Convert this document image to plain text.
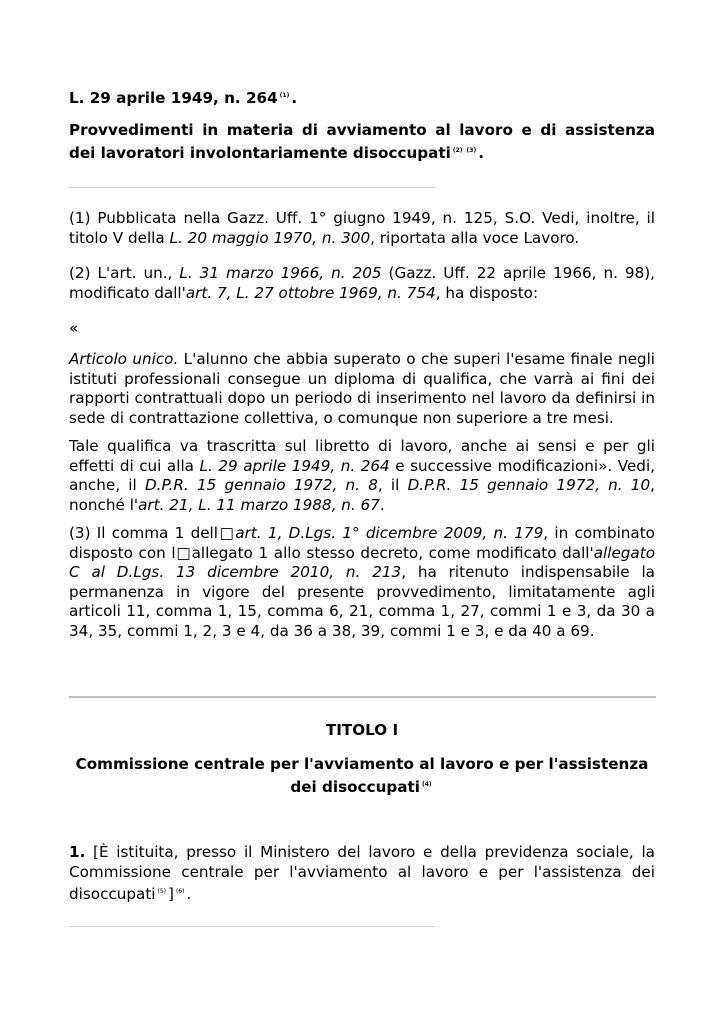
L. 29 aprile 1949, n. 264 $^{(1)}$ .
Provvedimenti in materia di avviamento al lavoro e di assistenza dei lavoratori involontariamente disoccupati $^{(2)}$ $^{(3)}$ .
(1) Pubblicata nella Gazz. Uff. 1° giugno 1949, n. 125, S.O. Vedi, inoltre, il titolo V della L. 20 maggio 1970, n. 300, riportata alla voce Lavoro.
(2) L'art. un., L. 31 marzo 1966, n. 205 (Gazz. Uff. 22 aprile 1966, n. 98), modificato dall'art. 7, L. 27 ottobre 1969, n. 754, ha disposto:
«
Articolo unico. L'alunno che abbia superato o che superi l'esame finale negli istituti professionali consegue un diploma di qualifica, che varrà ai fini dei rapporti contrattuali dopo un periodo di inserimento nel lavoro da definirsi in sede di contrattazione collettiva, o comunque non superiore a tre mesi.
Tale qualifica va trascritta sul libretto di lavoro, anche ai sensi e per gli effetti di cui alla L. 29 aprile 1949, n. 264 e successive modificazioni». Vedi, anche, il D.P.R. 15 gennaio 1972, n. 8, il D.P.R. 15 gennaio 1972, n. 10, nonché l'art. 21, L. 11 marzo 1988, n. 67.
(3) Il comma 1 dell□art. 1, D.Lgs. 1° dicembre 2009, n. 179, in combinato disposto con l□allegato 1 allo stesso decreto, come modificato dall'allegato C al D.Lgs. 13 dicembre 2010, n. 213, ha ritenuto indispensabile la permanenza in vigore del presente provvedimento, limitatamente agli articoli 11, comma 1, 15, comma 6, 21, comma 1, 27, commi 1 e 3, da 30 a 34, 35, commi 1, 2, 3 e 4, da 36 a 38, 39, commi 1 e 3, e da 40 a 69.
TITOLO I
Commissione centrale per l'avviamento al lavoro e per l'assistenza dei disoccupati $^{(4)}$
1. [È istituita, presso il Ministero del lavoro e della previdenza sociale, la Commissione centrale per l'avviamento al lavoro e per l'assistenza dei disoccupati $^{(5)}$ ] $^{(6)}$ .
